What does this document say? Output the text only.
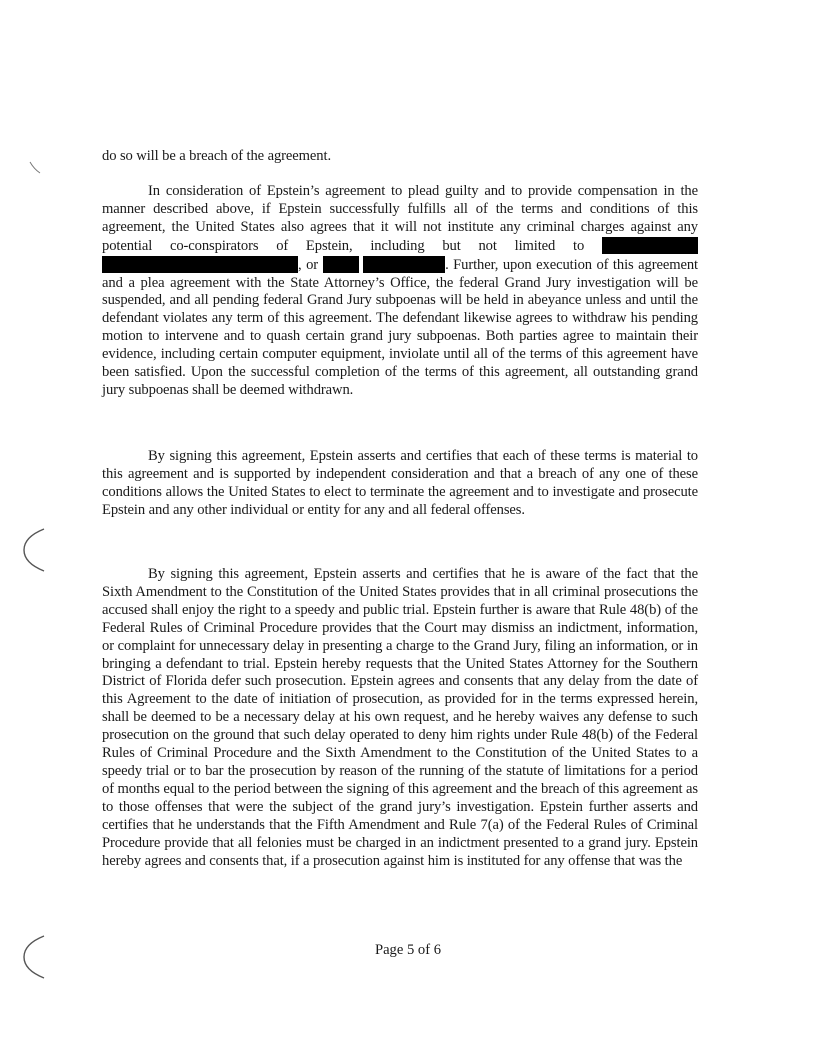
do so will be a breach of the agreement.

In consideration of Epstein’s agreement to plead guilty and to provide compensation in the manner described above, if Epstein successfully fulfills all of the terms and conditions of this agreement, the United States also agrees that it will not institute any criminal charges against any potential co-conspirators of Epstein, including but not limited to  , or	. Further, upon execution of this agreement and a plea agreement with the State Attorney’s Office, the federal Grand Jury investigation will be suspended, and all pending federal Grand Jury subpoenas will be held in abeyance unless and until the defendant violates any term of this agreement. The defendant likewise agrees to withdraw his pending motion to intervene and to quash certain grand jury subpoenas. Both parties agree to maintain their evidence, including certain computer equipment, inviolate until all of the terms of this agreement have been satisfied. Upon the successful completion of the terms of this agreement, all outstanding grand jury subpoenas shall be deemed withdrawn.

By signing this agreement, Epstein asserts and certifies that each of these terms is material to this agreement and is supported by independent consideration and that a breach of any one of these conditions allows the United States to elect to terminate the agreement and to investigate and prosecute Epstein and any other individual or entity for any and all federal offenses.

By signing this agreement, Epstein asserts and certifies that he is aware of the fact that the Sixth Amendment to the Constitution of the United States provides that in all criminal prosecutions the accused shall enjoy the right to a speedy and public trial. Epstein further is aware that Rule 48(b) of the Federal Rules of Criminal Procedure provides that the Court may dismiss an indictment, information, or complaint for unnecessary delay in presenting a charge to the Grand Jury, filing an information, or in bringing a defendant to trial. Epstein hereby requests that the United States Attorney for the Southern District of Florida defer such prosecution. Epstein agrees and consents that any delay from the date of this Agreement to the date of initiation of prosecution, as provided for in the terms expressed herein, shall be deemed to be a necessary delay at his own request, and he hereby waives any defense to such prosecution on the ground that such delay operated to deny him rights under Rule 48(b) of the Federal Rules of Criminal Procedure and the Sixth Amendment to the Constitution of the United States to a speedy trial or to bar the prosecution by reason of the running of the statute of limitations for a period of months equal to the period between the signing of this agreement and the breach of this agreement as to those offenses that were the subject of the grand jury’s investigation. Epstein further asserts and certifies that he understands that the Fifth Amendment and Rule 7(a) of the Federal Rules of Criminal Procedure provide that all felonies must be charged in an indictment presented to a grand jury. Epstein hereby agrees and consents that, if a prosecution against him is instituted for any offense that was the

Page 5 of 6
